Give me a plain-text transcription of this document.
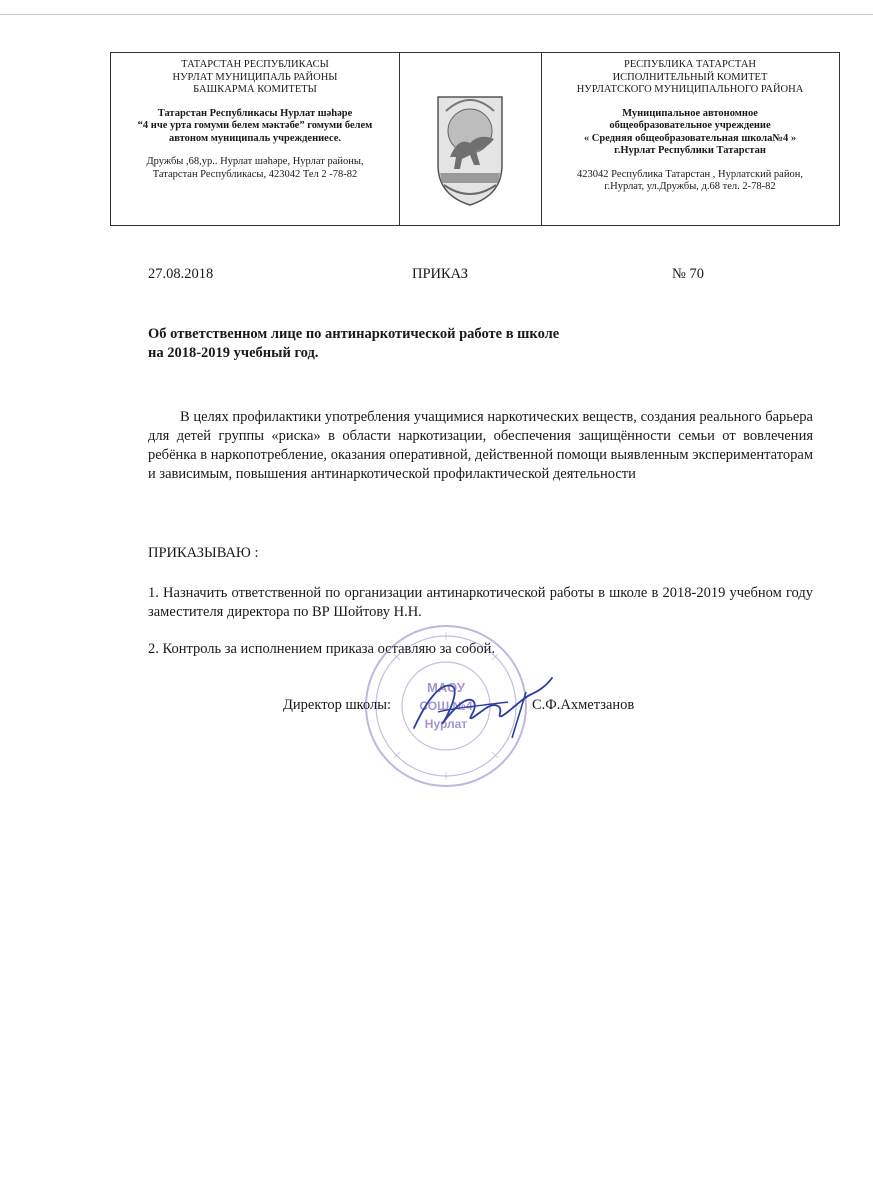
ТАТАРСТАН РЕСПУБЛИКАСЫ
НУРЛАТ МУНИЦИПАЛЬ РАЙОНЫ
БАШКАРМА КОМИТЕТЫ
Татарстан Республикасы Нурлат шәһәре
“4 нче урта гомуми белем мәктәбе” гомуми белем
автоном муниципаль учреждениесе.
Дружбы ,68,ур.. Нурлат шәһәре, Нурлат районы,
Татарстан Республикасы, 423042 Тел 2 -78-82
РЕСПУБЛИКА ТАТАРСТАН
ИСПОЛНИТЕЛЬНЫЙ КОМИТЕТ
НУРЛАТСКОГО МУНИЦИПАЛЬНОГО РАЙОНА
Муниципальное автономное
общеобразовательное учреждение
« Средняя общеобразовательная школа№4 »
г.Нурлат Республики Татарстан
423042 Республика Татарстан , Нурлатский район,
г.Нурлат, ул.Дружбы, д.68 тел. 2-78-82
27.08.2018	ПРИКАЗ	№ 70
Об ответственном лице по антинаркотической работе в школе
на 2018-2019 учебный год.
В целях профилактики употребления учащимися наркотических веществ, создания реального барьера для детей группы «риска» в области наркотизации, обеспечения защищённости семьи от вовлечения ребёнка в наркопотребление, оказания оперативной, действенной помощи выявленным экспериментаторам и зависимым, повышения антинаркотической профилактической деятельности
ПРИКАЗЫВАЮ :
1. Назначить ответственной по организации антинаркотической работы в школе в 2018-2019 учебном году заместителя директора по ВР Шойтову Н.Н.
2. Контроль за исполнением приказа оставляю за собой.
МАОУ
СОШ №4
Нурлат
Директор школы:	С.Ф.Ахметзанов
